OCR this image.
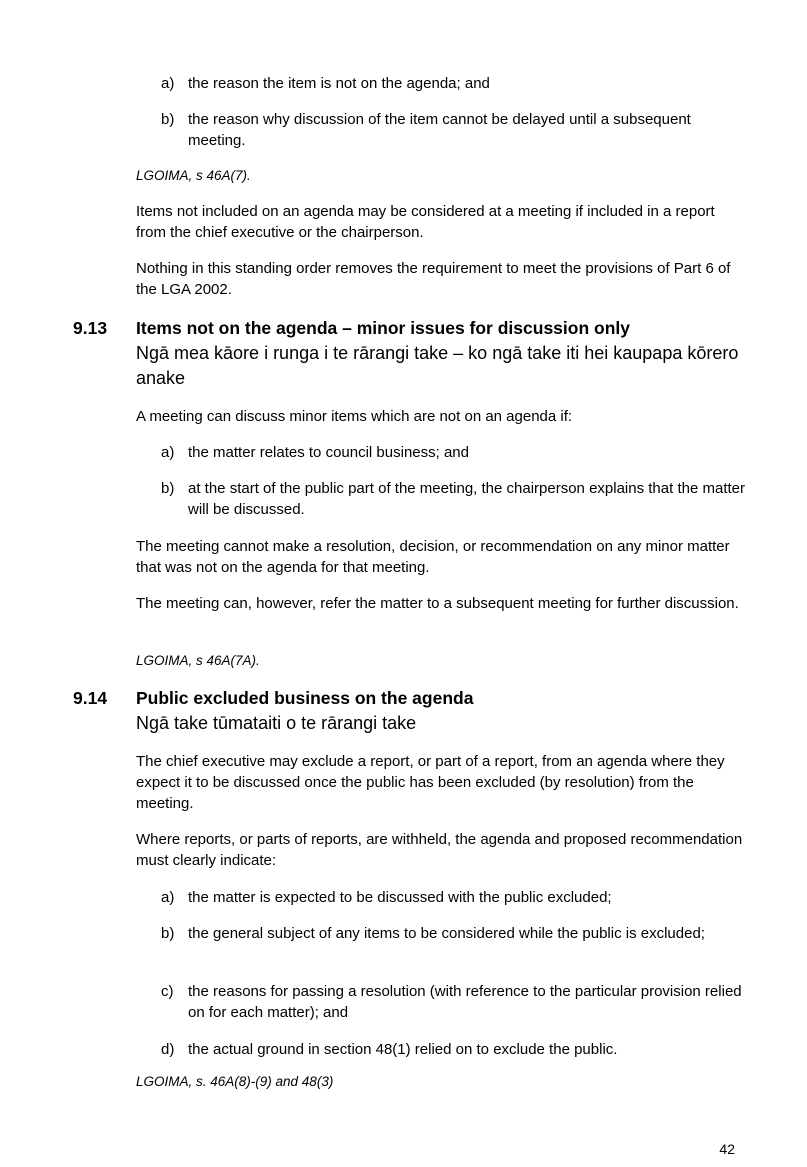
a) the reason the item is not on the agenda; and
b) the reason why discussion of the item cannot be delayed until a subsequent meeting.
LGOIMA, s 46A(7).
Items not included on an agenda may be considered at a meeting if included in a report from the chief executive or the chairperson.
Nothing in this standing order removes the requirement to meet the provisions of Part 6 of the LGA 2002.
9.13 Items not on the agenda – minor issues for discussion only
Ngā mea kāore i runga i te rārangi take – ko ngā take iti hei kaupapa kōrero anake
A meeting can discuss minor items which are not on an agenda if:
a) the matter relates to council business; and
b) at the start of the public part of the meeting, the chairperson explains that the matter will be discussed.
The meeting cannot make a resolution, decision, or recommendation on any minor matter that was not on the agenda for that meeting.
The meeting can, however, refer the matter to a subsequent meeting for further discussion.
LGOIMA, s 46A(7A).
9.14 Public excluded business on the agenda
Ngā take tūmataiti o te rārangi take
The chief executive may exclude a report, or part of a report, from an agenda where they expect it to be discussed once the public has been excluded (by resolution) from the meeting.
Where reports, or parts of reports, are withheld, the agenda and proposed recommendation must clearly indicate:
a) the matter is expected to be discussed with the public excluded;
b) the general subject of any items to be considered while the public is excluded;
c) the reasons for passing a resolution (with reference to the particular provision relied on for each matter); and
d) the actual ground in section 48(1) relied on to exclude the public.
LGOIMA, s. 46A(8)-(9) and 48(3)
42
